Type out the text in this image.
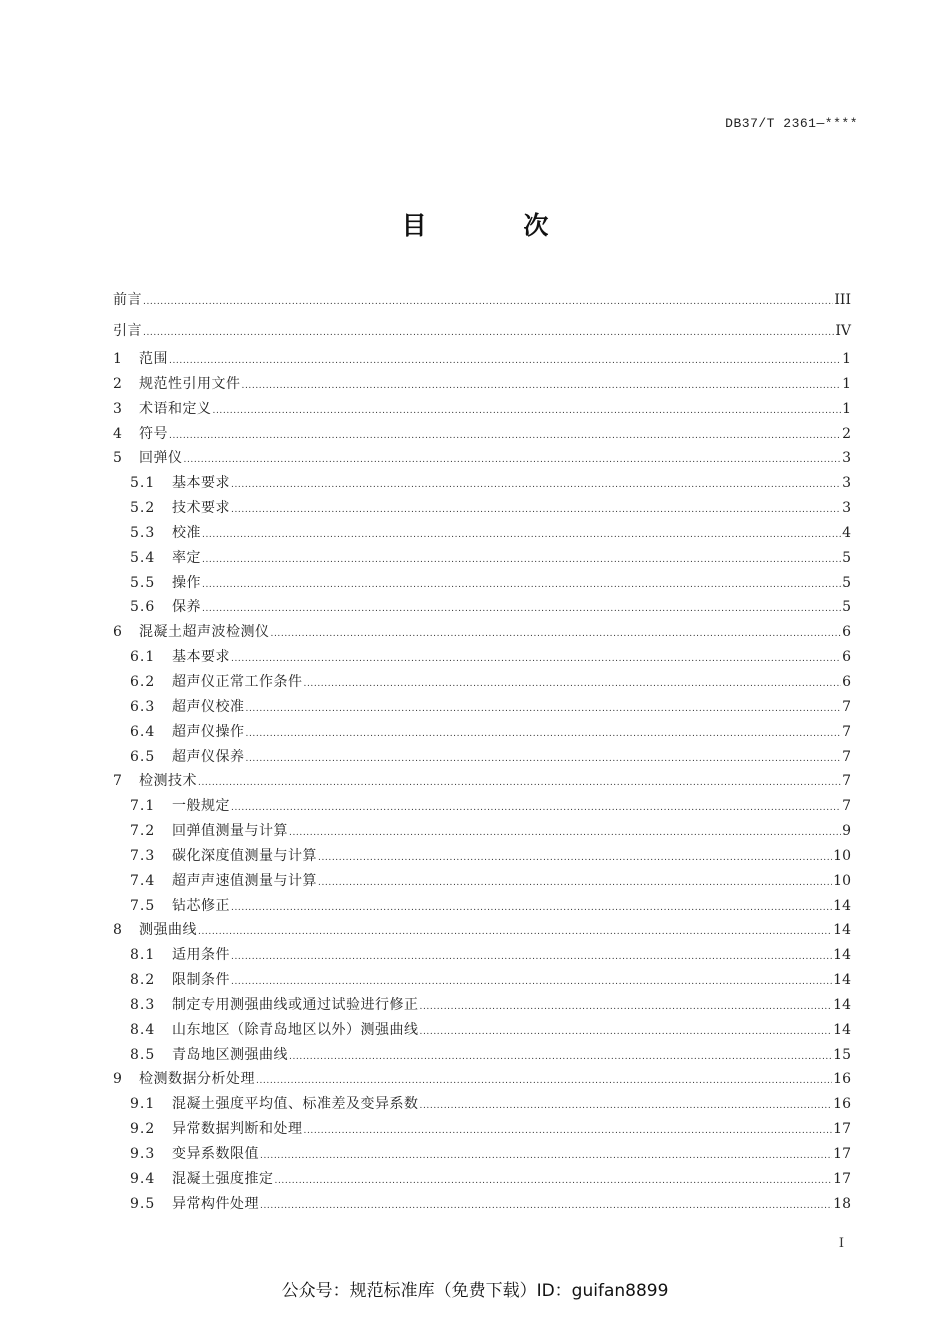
DB37/T 2361—****
目 次
前言 .....	III
引言 .....	IV
1	范围 .....	1
2	规范性引用文件 .....	1
3	术语和定义 .....	1
4	符号 .....	2
5	回弹仪 .....	3
5.1	基本要求 .....	3
5.2	技术要求 .....	3
5.3	校准 .....	4
5.4	率定 .....	5
5.5	操作 .....	5
5.6	保养 .....	5
6	混凝土超声波检测仪 .....	6
6.1	基本要求 .....	6
6.2	超声仪正常工作条件 .....	6
6.3	超声仪校准 .....	7
6.4	超声仪操作 .....	7
6.5	超声仪保养 .....	7
7	检测技术 .....	7
7.1	一般规定 .....	7
7.2	回弹值测量与计算 .....	9
7.3	碳化深度值测量与计算 .....	10
7.4	超声声速值测量与计算 .....	10
7.5	钻芯修正 .....	14
8	测强曲线 .....	14
8.1	适用条件 .....	14
8.2	限制条件 .....	14
8.3	制定专用测强曲线或通过试验进行修正 .....	14
8.4	山东地区（除青岛地区以外）测强曲线 .....	14
8.5	青岛地区测强曲线 .....	15
9	检测数据分析处理 .....	16
9.1	混凝土强度平均值、标准差及变异系数 .....	16
9.2	异常数据判断和处理 .....	17
9.3	变异系数限值 .....	17
9.4	混凝土强度推定 .....	17
9.5	异常构件处理 .....	18
I
公众号：规范标准库（免费下载）ID：guifan8899
